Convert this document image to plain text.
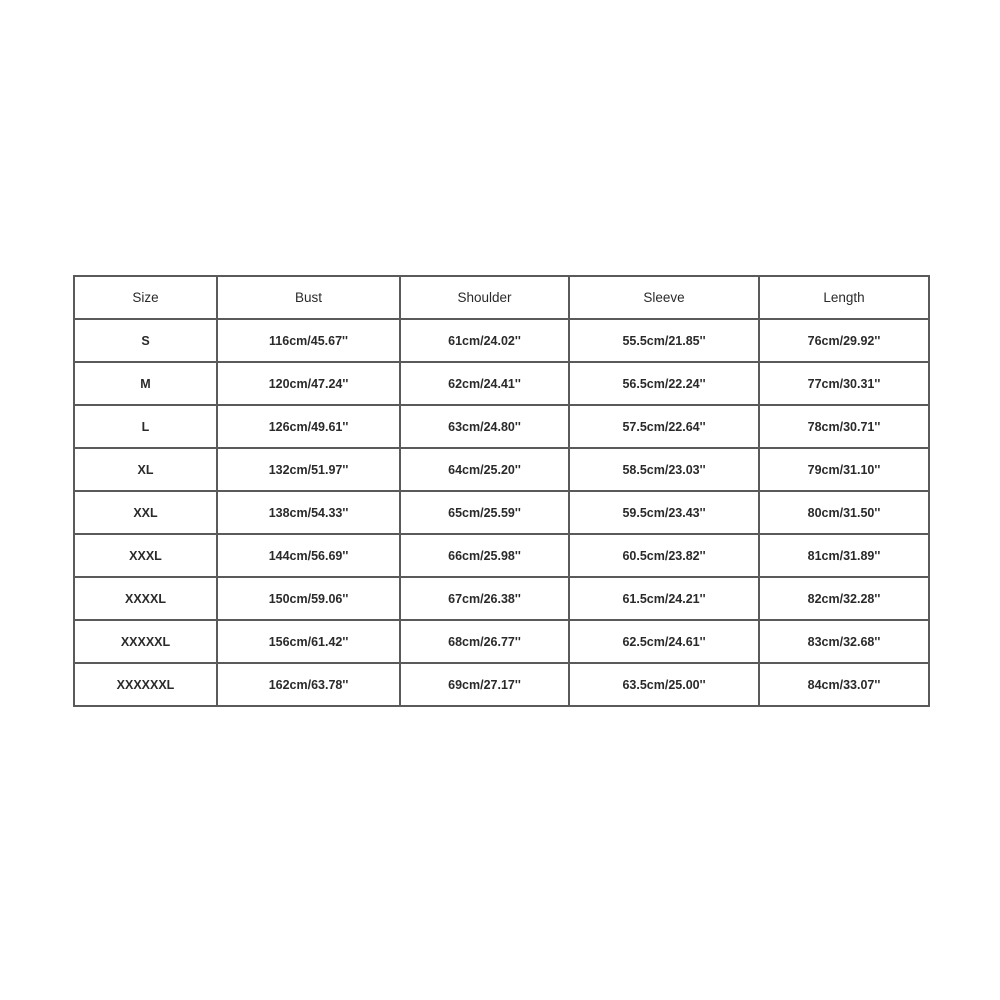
Size	Bust	Shoulder	Sleeve	Length
S	116cm/45.67''	61cm/24.02''	55.5cm/21.85''	76cm/29.92''
M	120cm/47.24''	62cm/24.41''	56.5cm/22.24''	77cm/30.31''
L	126cm/49.61''	63cm/24.80''	57.5cm/22.64''	78cm/30.71''
XL	132cm/51.97''	64cm/25.20''	58.5cm/23.03''	79cm/31.10''
XXL	138cm/54.33''	65cm/25.59''	59.5cm/23.43''	80cm/31.50''
XXXL	144cm/56.69''	66cm/25.98''	60.5cm/23.82''	81cm/31.89''
XXXXL	150cm/59.06''	67cm/26.38''	61.5cm/24.21''	82cm/32.28''
XXXXXL	156cm/61.42''	68cm/26.77''	62.5cm/24.61''	83cm/32.68''
XXXXXXL	162cm/63.78''	69cm/27.17''	63.5cm/25.00''	84cm/33.07''
